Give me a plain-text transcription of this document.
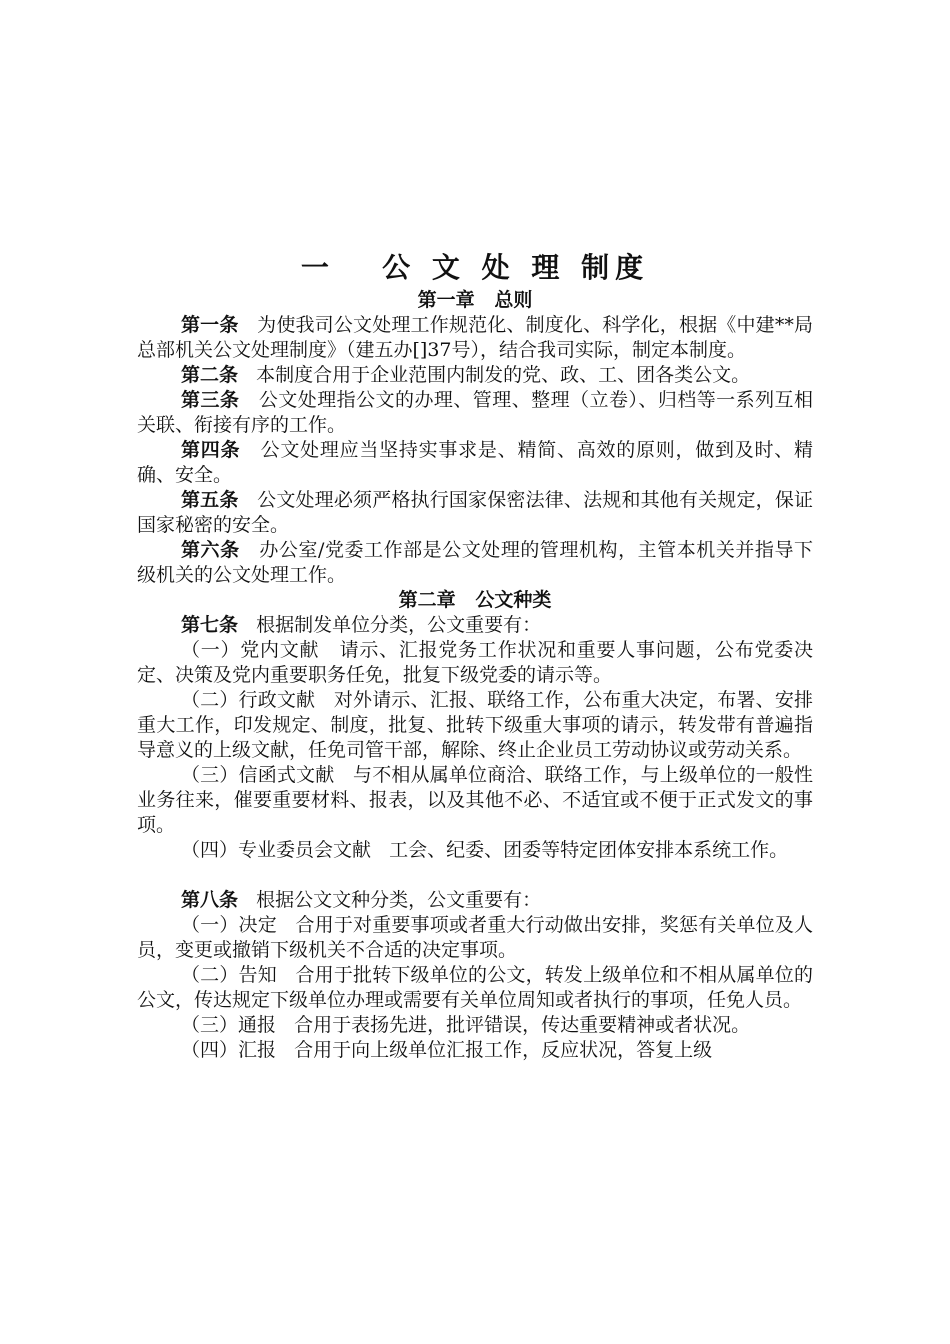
一   公 文 处 理 制度
第一章   总则

第一条   为使我司公文处理工作规范化、制度化、科学化，根据《中建**局总部机关公文处理制度》（建五办[]37号），结合我司实际，制定本制度。

第二条   本制度合用于企业范围内制发的党、政、工、团各类公文。

第三条   公文处理指公文的办理、管理、整理（立卷）、归档等一系列互相关联、衔接有序的工作。

第四条   公文处理应当坚持实事求是、精简、高效的原则，做到及时、精确、安全。

第五条   公文处理必须严格执行国家保密法律、法规和其他有关规定，保证国家秘密的安全。

第六条   办公室/党委工作部是公文处理的管理机构，主管本机关并指导下级机关的公文处理工作。

第二章   公文种类

第七条   根据制发单位分类，公文重要有：

（一）党内文献   请示、汇报党务工作状况和重要人事问题，公布党委决定、决策及党内重要职务任免，批复下级党委的请示等。

（二）行政文献   对外请示、汇报、联络工作，公布重大决定，布署、安排重大工作，印发规定、制度，批复、批转下级重大事项的请示，转发带有普遍指导意义的上级文献，任免司管干部，解除、终止企业员工劳动协议或劳动关系。

（三）信函式文献   与不相从属单位商洽、联络工作，与上级单位的一般性业务往来，催要重要材料、报表，以及其他不必、不适宜或不便于正式发文的事项。

（四）专业委员会文献   工会、纪委、团委等特定团体安排本系统工作。

第八条   根据公文文种分类，公文重要有：

（一）决定   合用于对重要事项或者重大行动做出安排，奖惩有关单位及人员，变更或撤销下级机关不合适的决定事项。

（二）告知   合用于批转下级单位的公文，转发上级单位和不相从属单位的公文，传达规定下级单位办理或需要有关单位周知或者执行的事项，任免人员。

（三）通报   合用于表扬先进，批评错误，传达重要精神或者状况。

（四）汇报   合用于向上级单位汇报工作，反应状况，答复上级
